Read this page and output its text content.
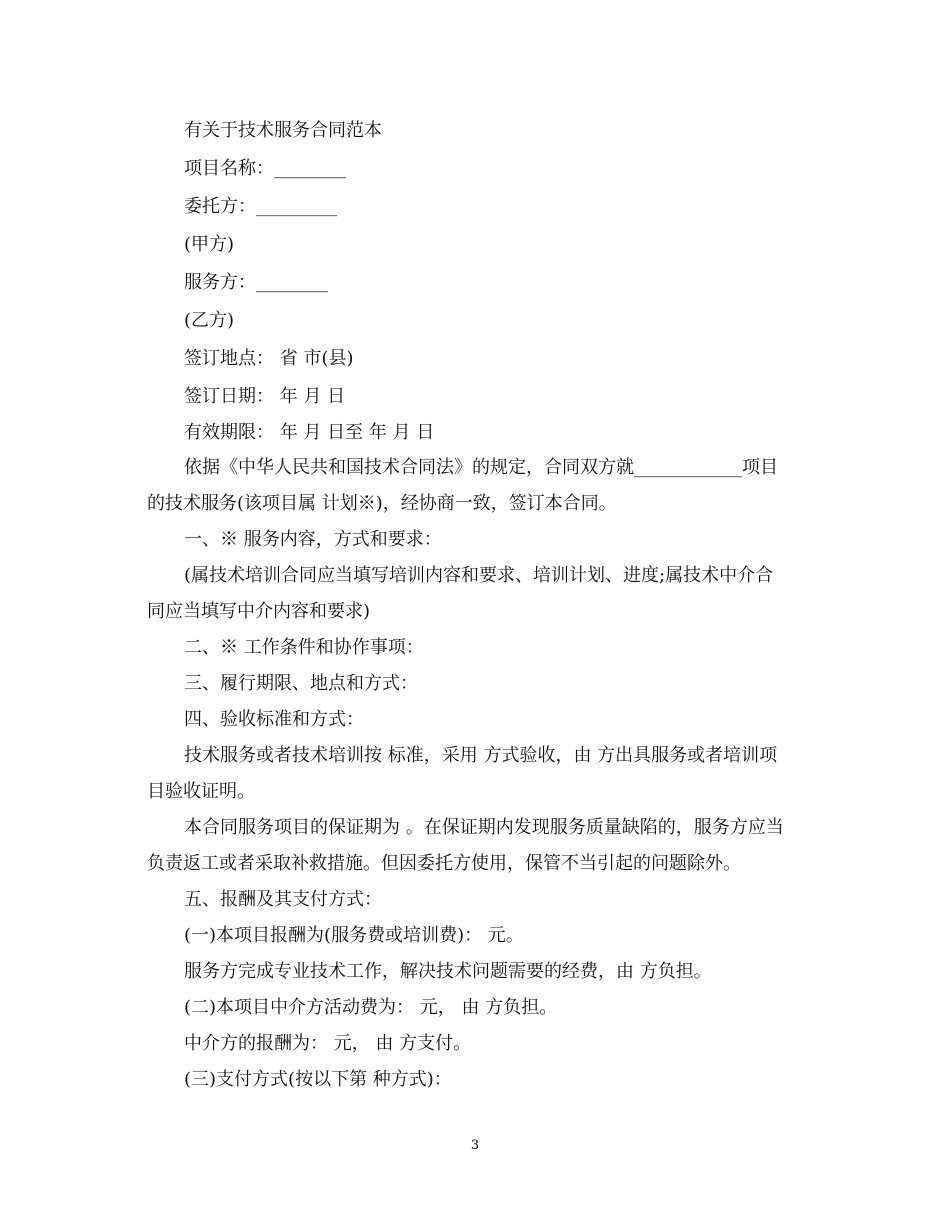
有关于技术服务合同范本
项目名称：________
委托方：_________
(甲方)
服务方：________
(乙方)
签订地点： 省 市(县)
签订日期： 年 月 日
有效期限： 年 月 日至 年 月 日
依据《中华人民共和国技术合同法》的规定，合同双方就____________项目
的技术服务(该项目属 计划※)，经协商一致，签订本合同。
一、※ 服务内容，方式和要求：
(属技术培训合同应当填写培训内容和要求、培训计划、进度;属技术中介合
同应当填写中介内容和要求)
二、※ 工作条件和协作事项：
三、履行期限、地点和方式：
四、验收标准和方式：
技术服务或者技术培训按 标准，采用 方式验收，由 方出具服务或者培训项
目验收证明。
本合同服务项目的保证期为 。在保证期内发现服务质量缺陷的，服务方应当
负责返工或者采取补救措施。但因委托方使用，保管不当引起的问题除外。
五、报酬及其支付方式：
(一)本项目报酬为(服务费或培训费)： 元。
服务方完成专业技术工作，解决技术问题需要的经费，由 方负担。
(二)本项目中介方活动费为： 元， 由 方负担。
中介方的报酬为： 元， 由 方支付。
(三)支付方式(按以下第 种方式)：
3
